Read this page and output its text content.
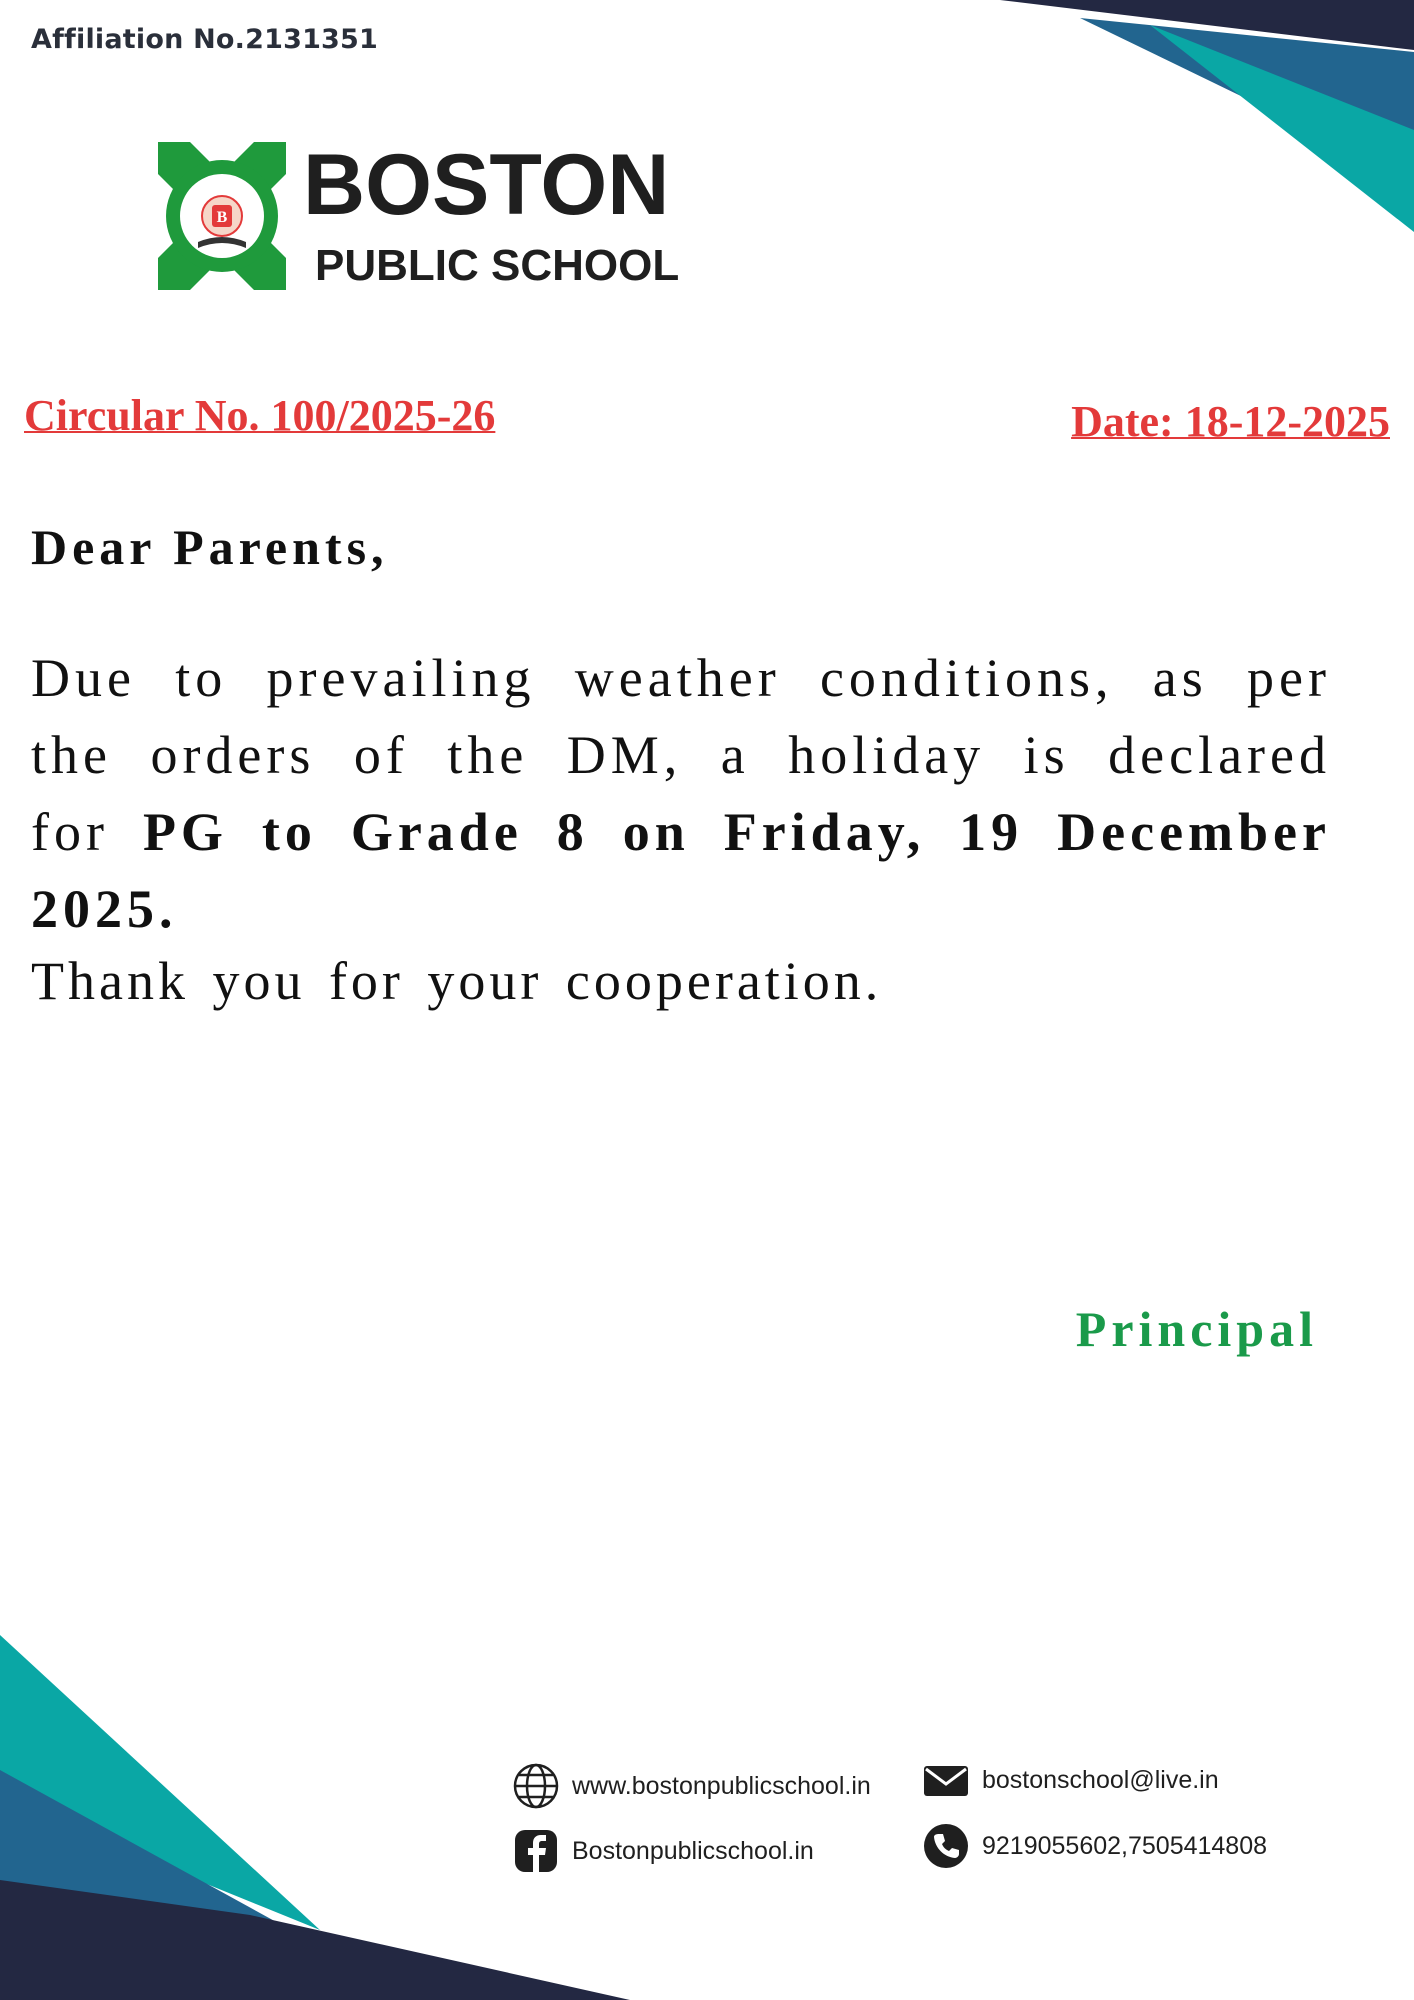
Affiliation No.2131351
B BOSTON
PUBLIC SCHOOL
Circular No. 100/2025-26	Date: 18-12-2025
Dear Parents,
Due to prevailing weather conditions, as per the orders of the DM, a holiday is declared for PG to Grade 8 on Friday, 19 December 2025.
Thank you for your cooperation.
Principal
www.bostonpublicschool.in	bostonschool@live.in
Bostonpublicschool.in	9219055602,7505414808
